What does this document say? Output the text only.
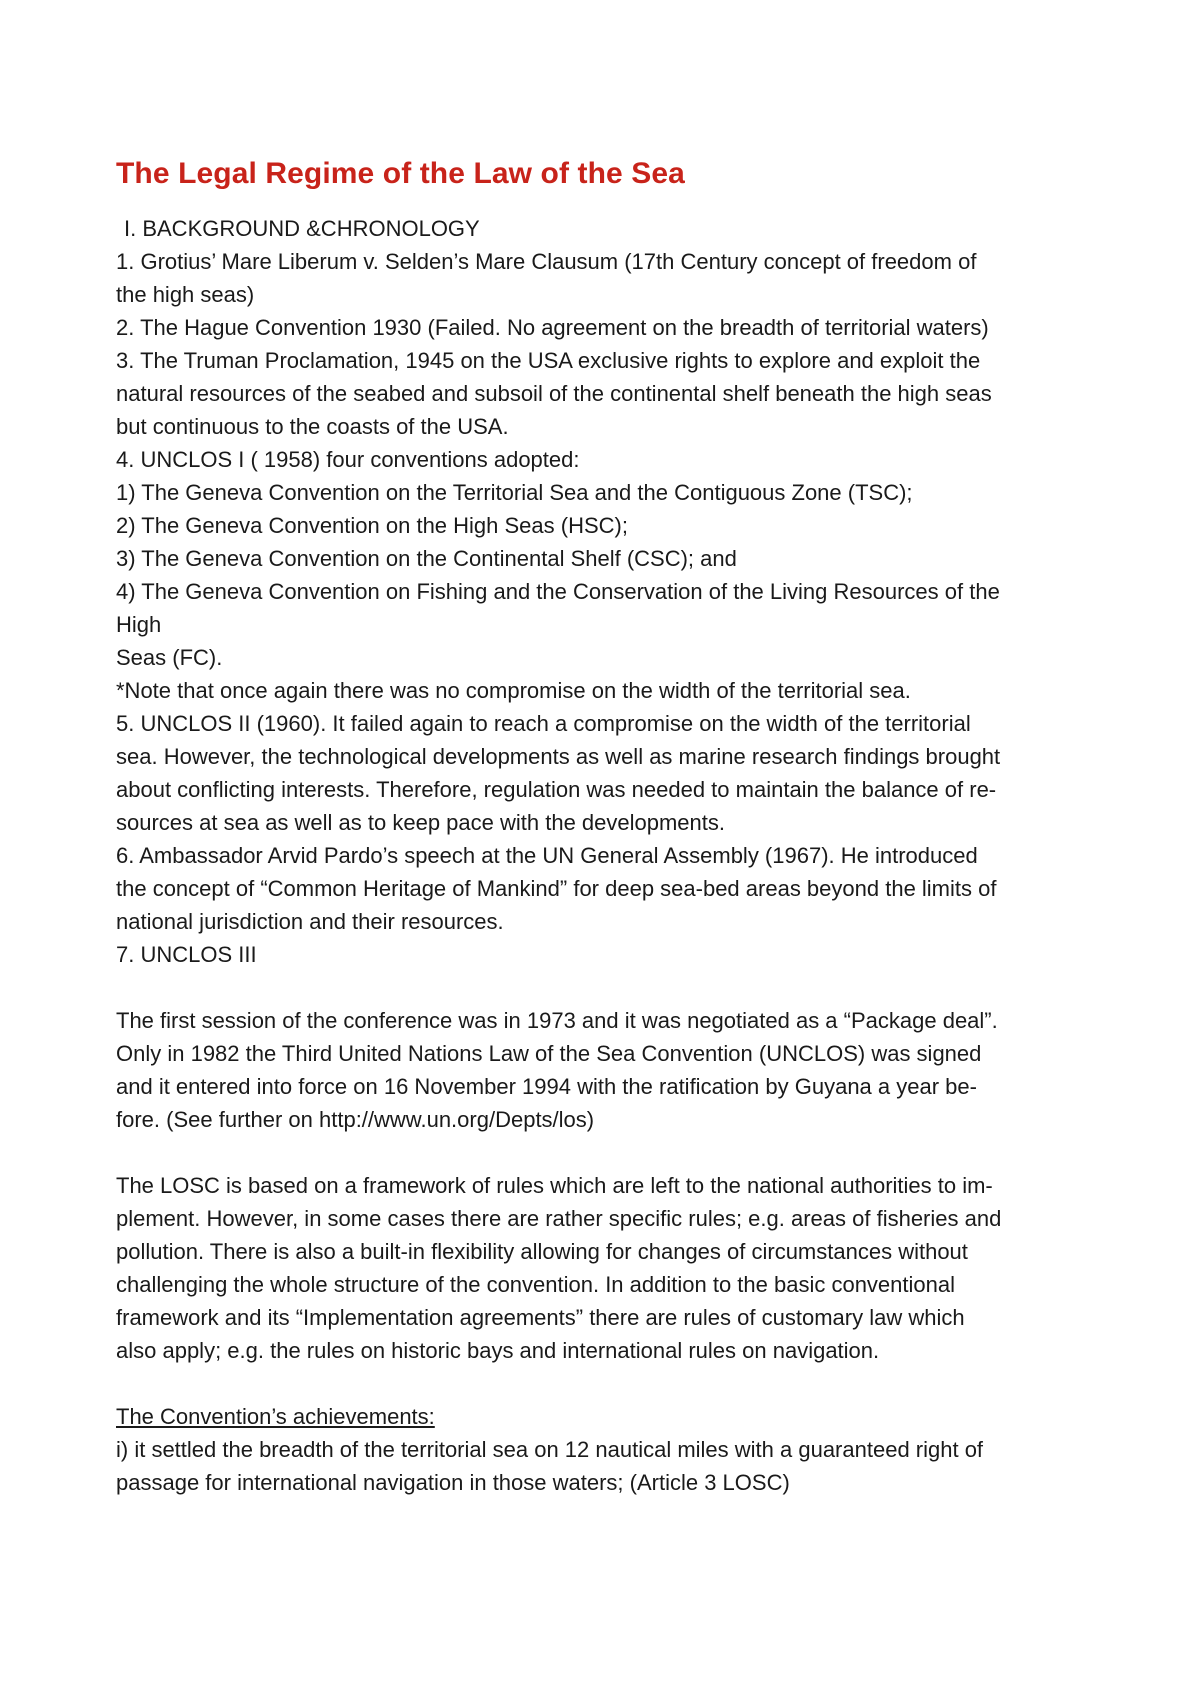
The Legal Regime of the Law of the Sea

I. BACKGROUND &CHRONOLOGY

1. Grotius’ Mare Liberum v. Selden’s Mare Clausum (17th Century concept of freedom of

the high seas)

2. The Hague Convention 1930 (Failed. No agreement on the breadth of territorial waters)

3. The Truman Proclamation, 1945 on the USA exclusive rights to explore and exploit the

natural resources of the seabed and subsoil of the continental shelf beneath the high seas

but continuous to the coasts of the USA.

4. UNCLOS I ( 1958) four conventions adopted:

1) The Geneva Convention on the Territorial Sea and the Contiguous Zone (TSC);

2) The Geneva Convention on the High Seas (HSC);

3) The Geneva Convention on the Continental Shelf (CSC); and

4) The Geneva Convention on Fishing and the Conservation of the Living Resources of the

High

Seas (FC).

*Note that once again there was no compromise on the width of the territorial sea.

5. UNCLOS II (1960). It failed again to reach a compromise on the width of the territorial

sea. However, the technological developments as well as marine research findings brought

about conflicting interests. Therefore, regulation was needed to maintain the balance of re-

sources at sea as well as to keep pace with the developments.

6. Ambassador Arvid Pardo’s speech at the UN General Assembly (1967). He introduced

the concept of “Common Heritage of Mankind” for deep sea-bed areas beyond the limits of

national jurisdiction and their resources.

7. UNCLOS III

The first session of the conference was in 1973 and it was negotiated as a “Package deal”.

Only in 1982 the Third United Nations Law of the Sea Convention (UNCLOS) was signed

and it entered into force on 16 November 1994 with the ratification by Guyana a year be-

fore. (See further on http://www.un.org/Depts/los)

The LOSC is based on a framework of rules which are left to the national authorities to im-

plement. However, in some cases there are rather specific rules; e.g. areas of fisheries and

pollution. There is also a built-in flexibility allowing for changes of circumstances without

challenging the whole structure of the convention. In addition to the basic conventional

framework and its “Implementation agreements” there are rules of customary law which

also apply; e.g. the rules on historic bays and international rules on navigation.

The Convention’s achievements:

i) it settled the breadth of the territorial sea on 12 nautical miles with a guaranteed right of

passage for international navigation in those waters; (Article 3 LOSC)
